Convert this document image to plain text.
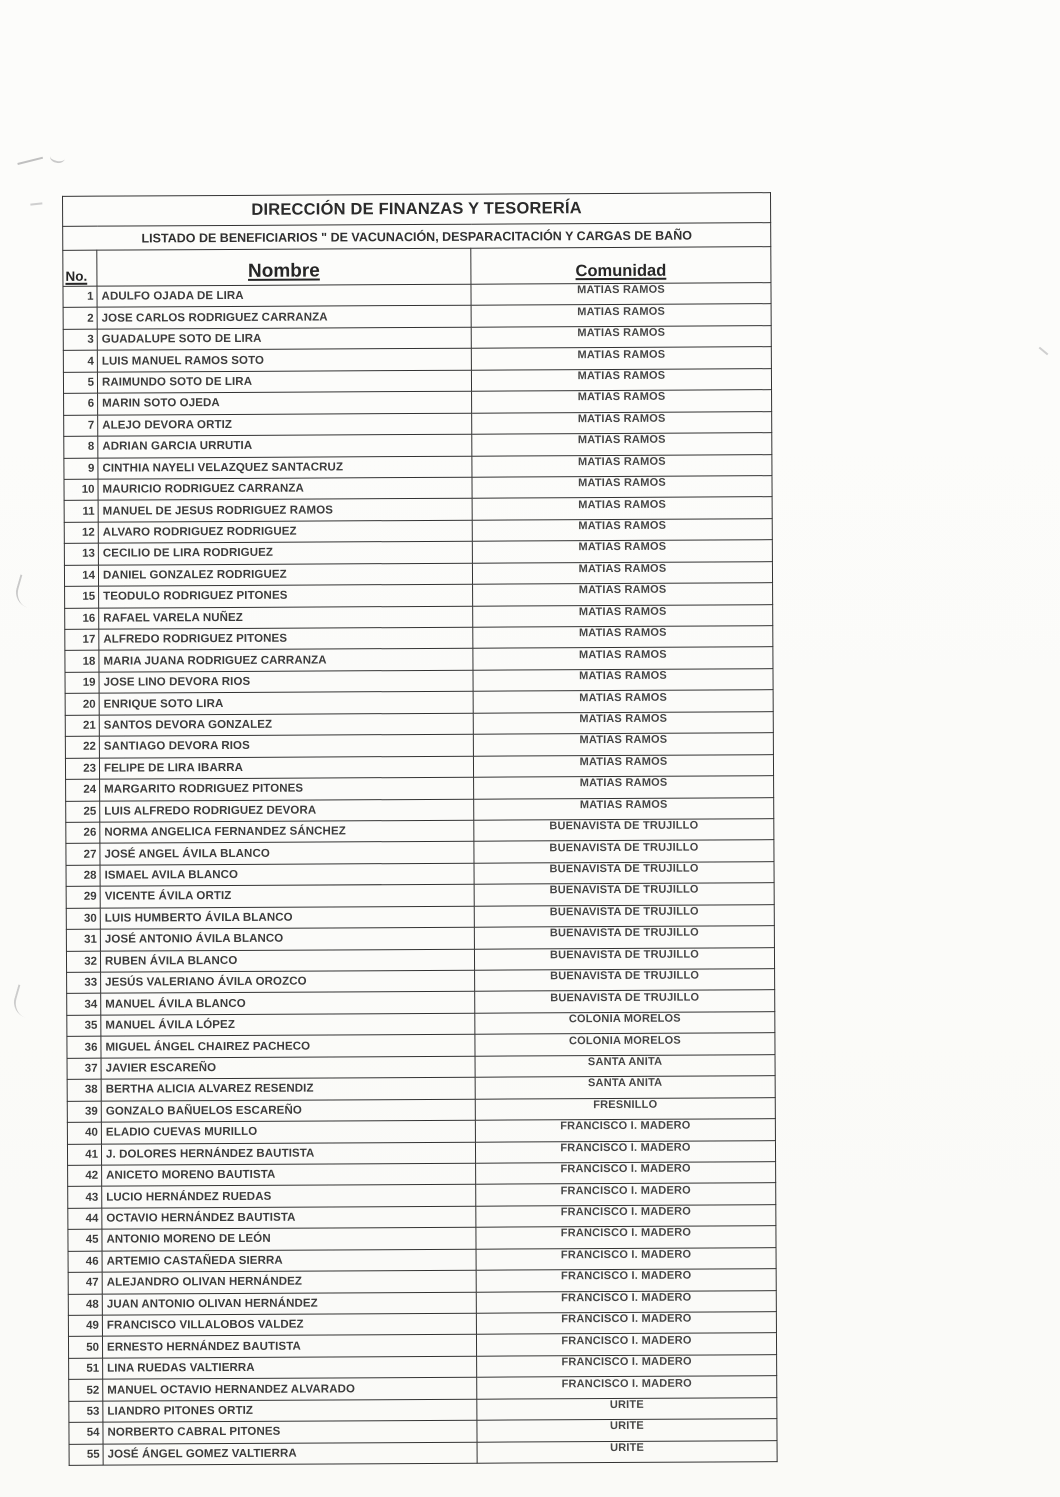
DIRECCIÓN DE FINANZAS Y TESORERÍA		
LISTADO DE BENEFICIARIOS " DE VACUNACIÓN, DESPARACITACIÓN Y CARGAS DE BAÑO		
No.	Nombre	Comunidad
1	ADULFO OJADA DE LIRA	MATIAS RAMOS
2	JOSE CARLOS RODRIGUEZ CARRANZA	MATIAS RAMOS
3	GUADALUPE SOTO DE LIRA	MATIAS RAMOS
4	LUIS MANUEL RAMOS SOTO	MATIAS RAMOS
5	RAIMUNDO SOTO DE LIRA	MATIAS RAMOS
6	MARIN SOTO OJEDA	MATIAS RAMOS
7	ALEJO DEVORA ORTIZ	MATIAS RAMOS
8	ADRIAN GARCIA URRUTIA	MATIAS RAMOS
9	CINTHIA NAYELI VELAZQUEZ SANTACRUZ	MATIAS RAMOS
10	MAURICIO RODRIGUEZ CARRANZA	MATIAS RAMOS
11	MANUEL DE JESUS RODRIGUEZ RAMOS	MATIAS RAMOS
12	ALVARO RODRIGUEZ RODRIGUEZ	MATIAS RAMOS
13	CECILIO DE LIRA RODRIGUEZ	MATIAS RAMOS
14	DANIEL GONZALEZ RODRIGUEZ	MATIAS RAMOS
15	TEODULO RODRIGUEZ PITONES	MATIAS RAMOS
16	RAFAEL VARELA NUÑEZ	MATIAS RAMOS
17	ALFREDO RODRIGUEZ PITONES	MATIAS RAMOS
18	MARIA JUANA RODRIGUEZ CARRANZA	MATIAS RAMOS
19	JOSE LINO DEVORA RIOS	MATIAS RAMOS
20	ENRIQUE SOTO LIRA	MATIAS RAMOS
21	SANTOS DEVORA GONZALEZ	MATIAS RAMOS
22	SANTIAGO DEVORA RIOS	MATIAS RAMOS
23	FELIPE DE LIRA IBARRA	MATIAS RAMOS
24	MARGARITO RODRIGUEZ PITONES	MATIAS RAMOS
25	LUIS ALFREDO RODRIGUEZ DEVORA	MATIAS RAMOS
26	NORMA ANGELICA FERNANDEZ SÁNCHEZ	BUENAVISTA DE TRUJILLO
27	JOSÉ ANGEL ÁVILA BLANCO	BUENAVISTA DE TRUJILLO
28	ISMAEL AVILA BLANCO	BUENAVISTA DE TRUJILLO
29	VICENTE ÁVILA ORTIZ	BUENAVISTA DE TRUJILLO
30	LUIS HUMBERTO ÁVILA BLANCO	BUENAVISTA DE TRUJILLO
31	JOSÉ ANTONIO ÁVILA BLANCO	BUENAVISTA DE TRUJILLO
32	RUBEN ÁVILA BLANCO	BUENAVISTA DE TRUJILLO
33	JESÚS VALERIANO ÁVILA OROZCO	BUENAVISTA DE TRUJILLO
34	MANUEL ÁVILA BLANCO	BUENAVISTA DE TRUJILLO
35	MANUEL ÁVILA LÓPEZ	COLONIA MORELOS
36	MIGUEL ÁNGEL CHAIREZ PACHECO	COLONIA MORELOS
37	JAVIER ESCAREÑO	SANTA ANITA
38	BERTHA ALICIA ALVAREZ RESENDIZ	SANTA ANITA
39	GONZALO BAÑUELOS ESCAREÑO	FRESNILLO
40	ELADIO CUEVAS MURILLO	FRANCISCO I. MADERO
41	J. DOLORES HERNÁNDEZ BAUTISTA	FRANCISCO I. MADERO
42	ANICETO MORENO BAUTISTA	FRANCISCO I. MADERO
43	LUCIO HERNÁNDEZ RUEDAS	FRANCISCO I. MADERO
44	OCTAVIO HERNÁNDEZ BAUTISTA	FRANCISCO I. MADERO
45	ANTONIO MORENO DE LEÓN	FRANCISCO I. MADERO
46	ARTEMIO CASTAÑEDA SIERRA	FRANCISCO I. MADERO
47	ALEJANDRO OLIVAN HERNÁNDEZ	FRANCISCO I. MADERO
48	JUAN ANTONIO OLIVAN HERNÁNDEZ	FRANCISCO I. MADERO
49	FRANCISCO VILLALOBOS VALDEZ	FRANCISCO I. MADERO
50	ERNESTO HERNÁNDEZ BAUTISTA	FRANCISCO I. MADERO
51	LINA RUEDAS VALTIERRA	FRANCISCO I. MADERO
52	MANUEL OCTAVIO HERNANDEZ ALVARADO	FRANCISCO I. MADERO
53	LIANDRO PITONES ORTIZ	URITE
54	NORBERTO CABRAL PITONES	URITE
55	JOSÉ ÁNGEL GOMEZ VALTIERRA	URITE
